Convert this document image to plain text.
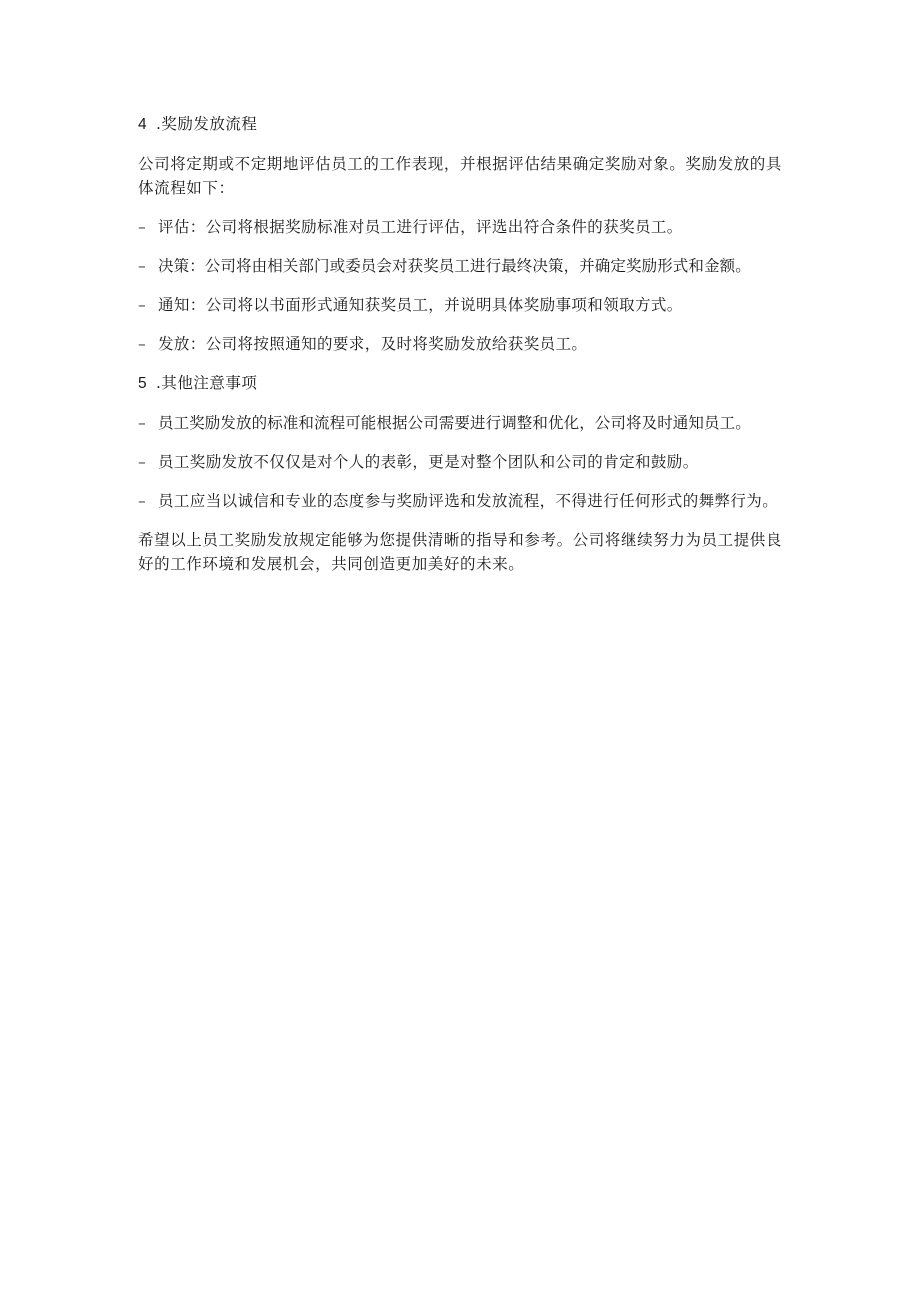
4 .奖励发放流程
公司将定期或不定期地评估员工的工作表现，并根据评估结果确定奖励对象。奖励发放的具体流程如下：
– 评估：公司将根据奖励标准对员工进行评估，评选出符合条件的获奖员工。
– 决策：公司将由相关部门或委员会对获奖员工进行最终决策，并确定奖励形式和金额。
– 通知：公司将以书面形式通知获奖员工，并说明具体奖励事项和领取方式。
– 发放：公司将按照通知的要求，及时将奖励发放给获奖员工。
5 .其他注意事项
– 员工奖励发放的标准和流程可能根据公司需要进行调整和优化，公司将及时通知员工。
– 员工奖励发放不仅仅是对个人的表彰，更是对整个团队和公司的肯定和鼓励。
– 员工应当以诚信和专业的态度参与奖励评选和发放流程，不得进行任何形式的舞弊行为。
希望以上员工奖励发放规定能够为您提供清晰的指导和参考。公司将继续努力为员工提供良好的工作环境和发展机会，共同创造更加美好的未来。
